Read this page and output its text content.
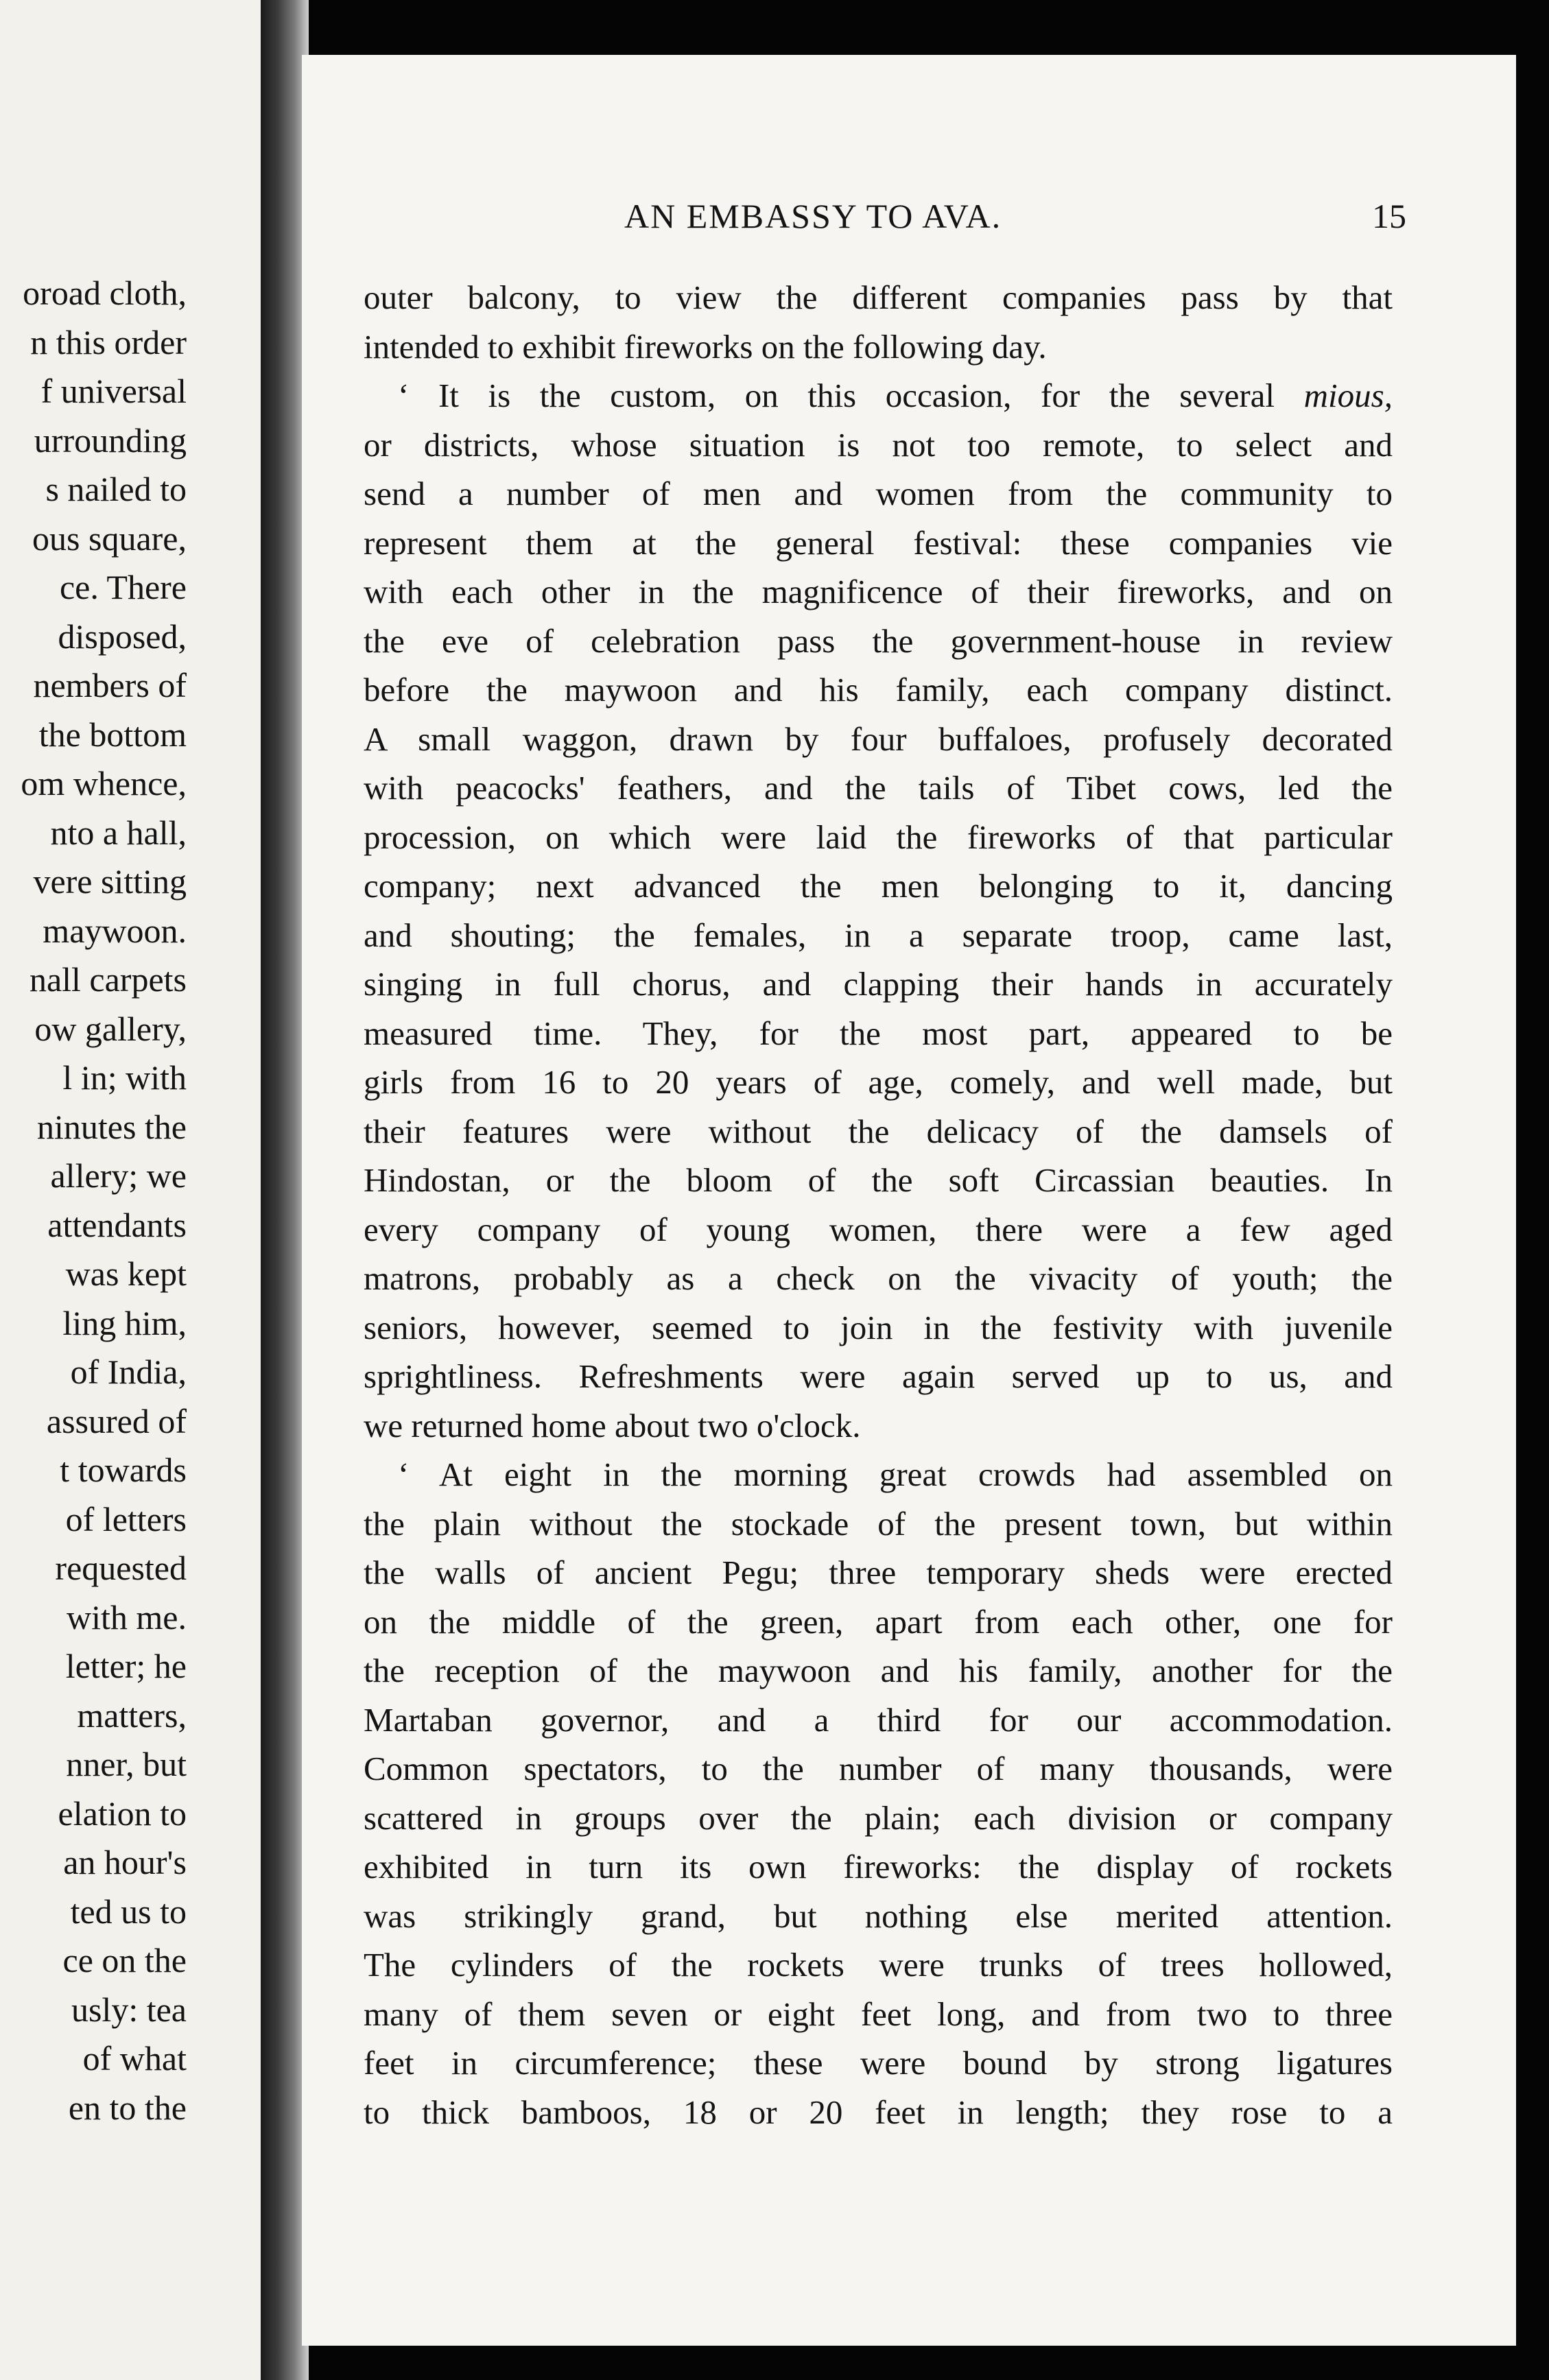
oroad cloth,
n this order
f universal
urrounding
s nailed to
ous square,
ce. There
disposed,
nembers of
the bottom
om whence,
nto a hall,
vere sitting
maywoon.
nall carpets
ow gallery,
l in; with
ninutes the
allery; we
attendants
was kept
ling him,
of India,
assured of
t towards
of letters
requested
with me.
letter; he
matters,
nner, but
elation to
an hour's
ted us to
ce on the
usly: tea
of what
en to the
AN EMBASSY TO AVA.	15
outer balcony, to view the different companies pass by that
intended to exhibit fireworks on the following day.
‘ It is the custom, on this occasion, for the several mious,
or districts, whose situation is not too remote, to select and
send a number of men and women from the community to
represent them at the general festival: these companies vie
with each other in the magnificence of their fireworks, and on
the eve of celebration pass the government-house in review
before the maywoon and his family, each company distinct.
A small waggon, drawn by four buffaloes, profusely decorated
with peacocks' feathers, and the tails of Tibet cows, led the
procession, on which were laid the fireworks of that particular
company; next advanced the men belonging to it, dancing
and shouting; the females, in a separate troop, came last,
singing in full chorus, and clapping their hands in accurately
measured time. They, for the most part, appeared to be
girls from 16 to 20 years of age, comely, and well made, but
their features were without the delicacy of the damsels of
Hindostan, or the bloom of the soft Circassian beauties. In
every company of young women, there were a few aged
matrons, probably as a check on the vivacity of youth; the
seniors, however, seemed to join in the festivity with juvenile
sprightliness. Refreshments were again served up to us, and
we returned home about two o'clock.
‘ At eight in the morning great crowds had assembled on
the plain without the stockade of the present town, but within
the walls of ancient Pegu; three temporary sheds were erected
on the middle of the green, apart from each other, one for
the reception of the maywoon and his family, another for the
Martaban governor, and a third for our accommodation.
Common spectators, to the number of many thousands, were
scattered in groups over the plain; each division or company
exhibited in turn its own fireworks: the display of rockets
was strikingly grand, but nothing else merited attention.
The cylinders of the rockets were trunks of trees hollowed,
many of them seven or eight feet long, and from two to three
feet in circumference; these were bound by strong ligatures
to thick bamboos, 18 or 20 feet in length; they rose to a
